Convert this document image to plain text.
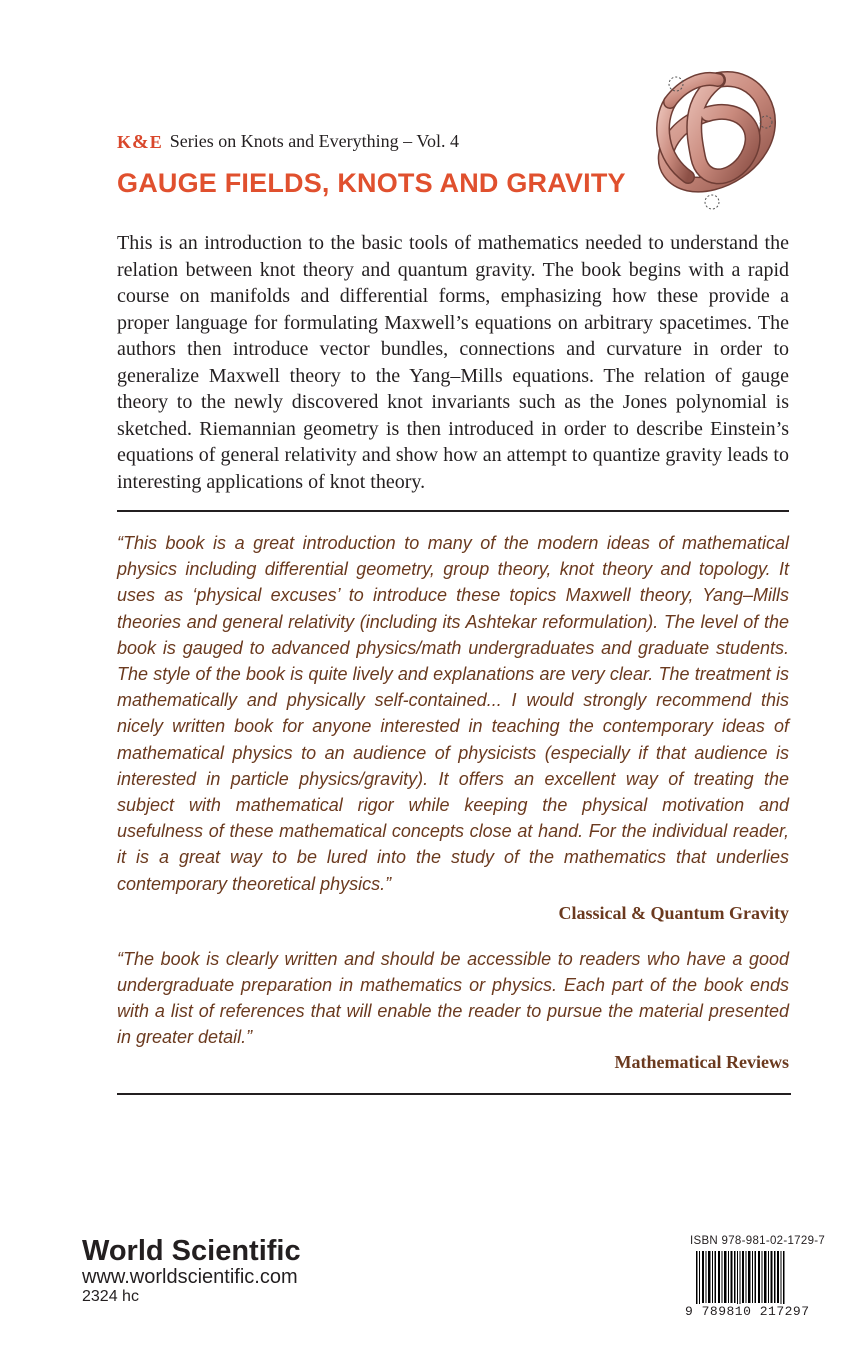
K & E Series on Knots and Everything – Vol. 4
GAUGE FIELDS, KNOTS AND GRAVITY
This is an introduction to the basic tools of mathematics needed to understand the relation between knot theory and quantum gravity. The book begins with a rapid course on manifolds and differential forms, emphasizing how these provide a proper language for formulating Maxwell’s equations on arbitrary spacetimes. The authors then introduce vector bundles, connections and curvature in order to generalize Maxwell theory to the Yang–Mills equations. The relation of gauge theory to the newly discovered knot invariants such as the Jones polynomial is sketched. Riemannian geometry is then introduced in order to describe Einstein’s equations of general relativity and show how an attempt to quantize gravity leads to interesting applications of knot theory.
“This book is a great introduction to many of the modern ideas of mathematical physics including differential geometry, group theory, knot theory and topology. It uses as ‘physical excuses’ to introduce these topics Maxwell theory, Yang–Mills theories and general relativity (including its Ashtekar reformulation). The level of the book is gauged to advanced physics/math undergraduates and graduate students. The style of the book is quite lively and explanations are very clear. The treatment is mathematically and physically self-contained... I would strongly recommend this nicely written book for anyone interested in teaching the contemporary ideas of mathematical physics to an audience of physicists (especially if that audience is interested in particle physics/gravity). It offers an excellent way of treating the subject with mathematical rigor while keeping the physical motivation and usefulness of these mathematical concepts close at hand. For the individual reader, it is a great way to be lured into the study of the mathematics that underlies contemporary theoretical physics.”
Classical & Quantum Gravity
“The book is clearly written and should be accessible to readers who have a good undergraduate preparation in mathematics or physics. Each part of the book ends with a list of references that will enable the reader to pursue the material presented in greater detail.”
Mathematical Reviews
World Scientific
www.worldscientific.com
2324 hc
ISBN 978-981-02-1729-7
9 789810 217297
